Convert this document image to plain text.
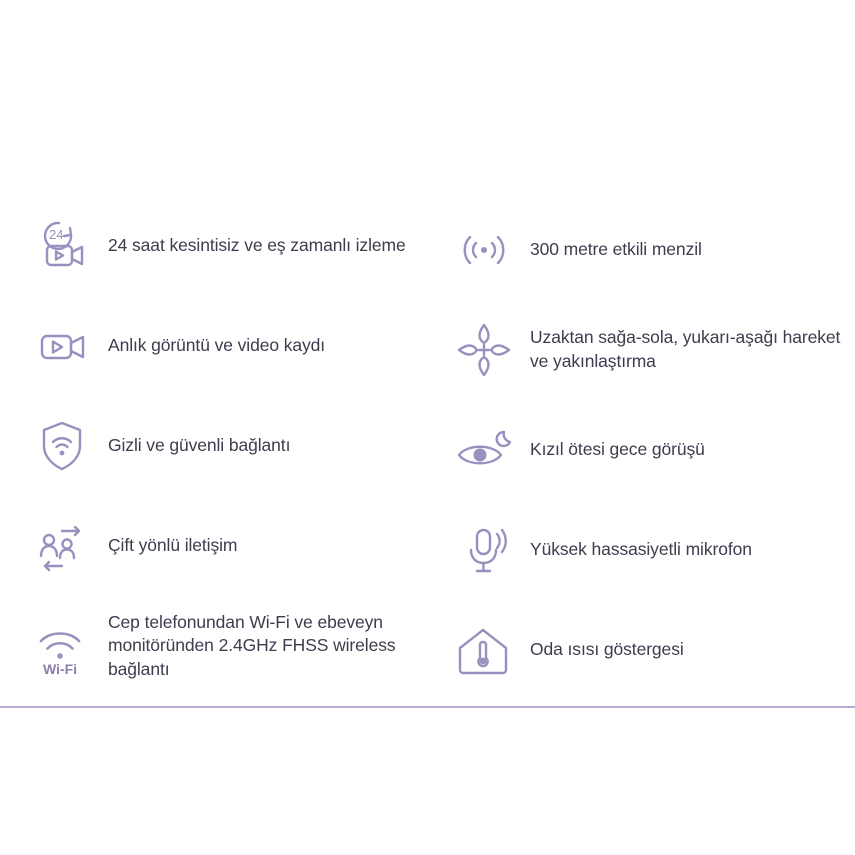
24
24 saat kesintisiz ve eş zamanlı izleme
Anlık görüntü ve video kaydı
Gizli ve güvenli bağlantı
Çift yönlü iletişim
Wi-Fi
Cep telefonundan Wi-Fi ve ebeveyn monitöründen 2.4GHz FHSS wireless bağlantı
300 metre etkili menzil
Uzaktan sağa-sola, yukarı-aşağı hareket ve yakınlaştırma
Kızıl ötesi gece görüşü
Yüksek hassasiyetli mikrofon
Oda ısısı göstergesi
